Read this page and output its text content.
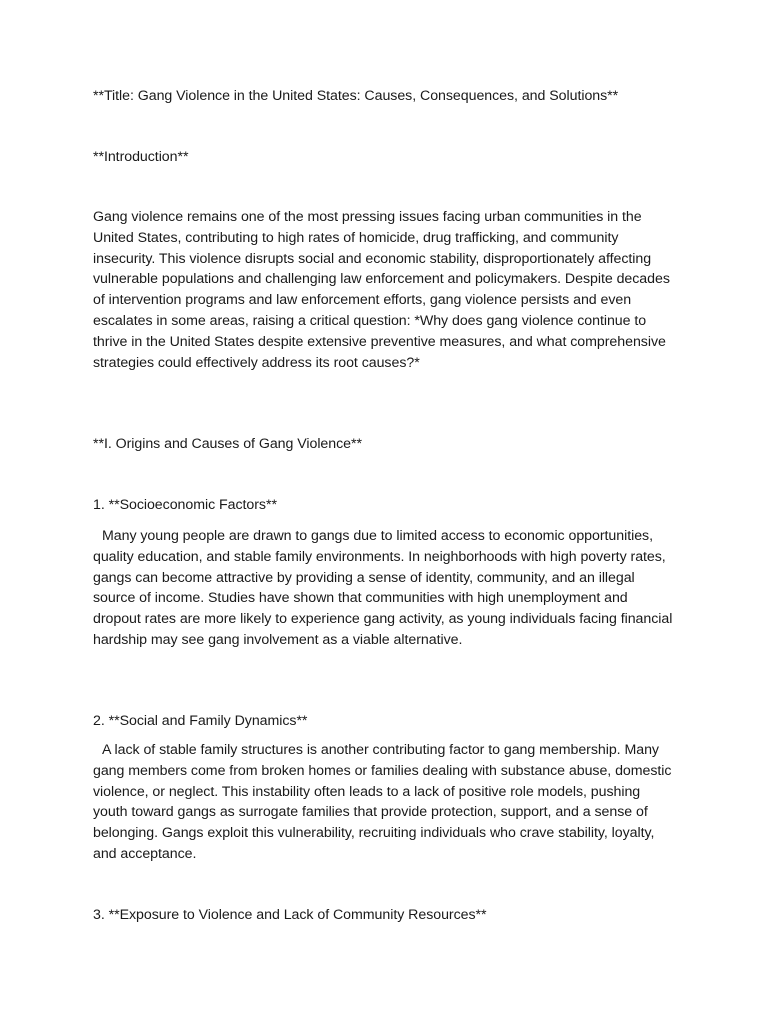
**Title: Gang Violence in the United States: Causes, Consequences, and Solutions**
**Introduction**
Gang violence remains one of the most pressing issues facing urban communities in the United States, contributing to high rates of homicide, drug trafficking, and community insecurity. This violence disrupts social and economic stability, disproportionately affecting vulnerable populations and challenging law enforcement and policymakers. Despite decades of intervention programs and law enforcement efforts, gang violence persists and even escalates in some areas, raising a critical question: *Why does gang violence continue to thrive in the United States despite extensive preventive measures, and what comprehensive strategies could effectively address its root causes?*
**I. Origins and Causes of Gang Violence**
1. **Socioeconomic Factors**
Many young people are drawn to gangs due to limited access to economic opportunities, quality education, and stable family environments. In neighborhoods with high poverty rates, gangs can become attractive by providing a sense of identity, community, and an illegal source of income. Studies have shown that communities with high unemployment and dropout rates are more likely to experience gang activity, as young individuals facing financial hardship may see gang involvement as a viable alternative.
2. **Social and Family Dynamics**
A lack of stable family structures is another contributing factor to gang membership. Many gang members come from broken homes or families dealing with substance abuse, domestic violence, or neglect. This instability often leads to a lack of positive role models, pushing youth toward gangs as surrogate families that provide protection, support, and a sense of belonging. Gangs exploit this vulnerability, recruiting individuals who crave stability, loyalty, and acceptance.
3. **Exposure to Violence and Lack of Community Resources**
